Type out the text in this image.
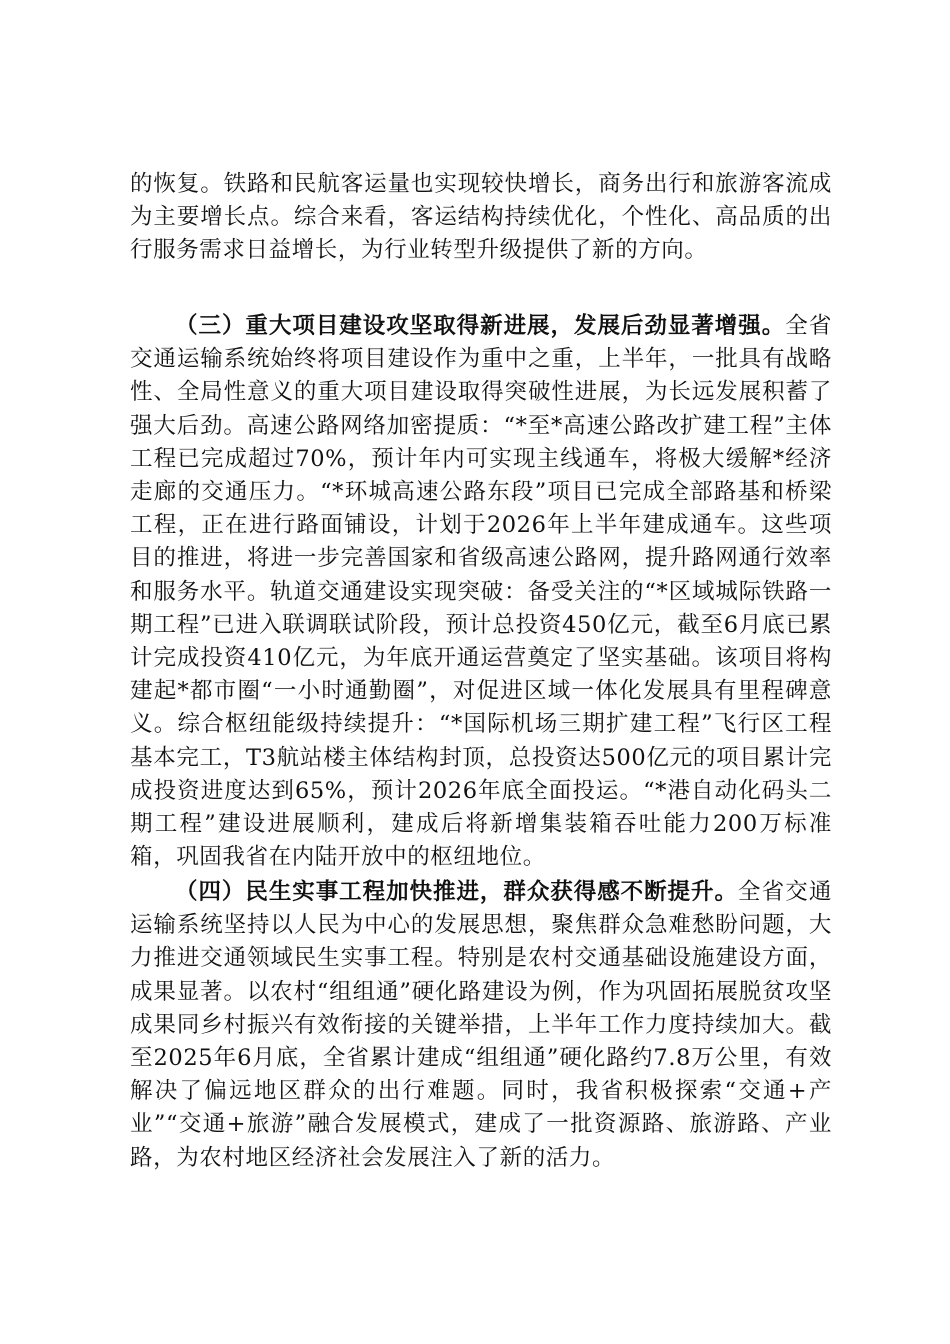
的恢复。铁路和民航客运量也实现较快增长，商务出行和旅游客流成为主要增长点。综合来看，客运结构持续优化，个性化、高品质的出行服务需求日益增长，为行业转型升级提供了新的方向。

（三）重大项目建设攻坚取得新进展，发展后劲显著增强。全省交通运输系统始终将项目建设作为重中之重，上半年，一批具有战略性、全局性意义的重大项目建设取得突破性进展，为长远发展积蓄了强大后劲。高速公路网络加密提质：“*至*高速公路改扩建工程”主体工程已完成超过70%，预计年内可实现主线通车，将极大缓解*经济走廊的交通压力。“*环城高速公路东段”项目已完成全部路基和桥梁工程，正在进行路面铺设，计划于2026年上半年建成通车。这些项目的推进，将进一步完善国家和省级高速公路网，提升路网通行效率和服务水平。轨道交通建设实现突破：备受关注的“*区域城际铁路一期工程”已进入联调联试阶段，预计总投资450亿元，截至6月底已累计完成投资410亿元，为年底开通运营奠定了坚实基础。该项目将构建起*都市圈“一小时通勤圈”，对促进区域一体化发展具有里程碑意义。综合枢纽能级持续提升：“*国际机场三期扩建工程”飞行区工程基本完工，T3航站楼主体结构封顶，总投资达500亿元的项目累计完成投资进度达到65%，预计2026年底全面投运。“*港自动化码头二期工程”建设进展顺利，建成后将新增集装箱吞吐能力200万标准箱，巩固我省在内陆开放中的枢纽地位。

（四）民生实事工程加快推进，群众获得感不断提升。全省交通运输系统坚持以人民为中心的发展思想，聚焦群众急难愁盼问题，大力推进交通领域民生实事工程。特别是农村交通基础设施建设方面，成果显著。以农村“组组通”硬化路建设为例，作为巩固拓展脱贫攻坚成果同乡村振兴有效衔接的关键举措，上半年工作力度持续加大。截至2025年6月底，全省累计建成“组组通”硬化路约7.8万公里，有效解决了偏远地区群众的出行难题。同时，我省积极探索“交通+产业”“交通+旅游”融合发展模式，建成了一批资源路、旅游路、产业路，为农村地区经济社会发展注入了新的活力。
